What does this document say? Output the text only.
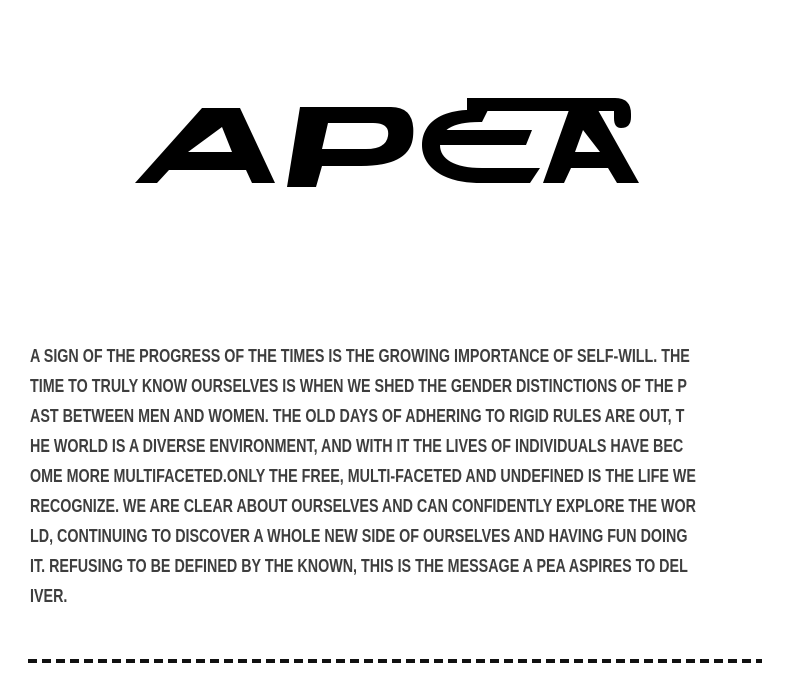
A SIGN OF THE PROGRESS OF THE TIMES IS THE GROWING IMPORTANCE OF SELF-WILL. THE
TIME TO TRULY KNOW OURSELVES IS WHEN WE SHED THE GENDER DISTINCTIONS OF THE P
AST BETWEEN MEN AND WOMEN. THE OLD DAYS OF ADHERING TO RIGID RULES ARE OUT, T
HE WORLD IS A DIVERSE ENVIRONMENT, AND WITH IT THE LIVES OF INDIVIDUALS HAVE BEC
OME MORE MULTIFACETED.ONLY THE FREE, MULTI-FACETED AND UNDEFINED IS THE LIFE WE
RECOGNIZE. WE ARE CLEAR ABOUT OURSELVES AND CAN CONFIDENTLY EXPLORE THE WOR
LD, CONTINUING TO DISCOVER A WHOLE NEW SIDE OF OURSELVES AND HAVING FUN DOING
IT. REFUSING TO BE DEFINED BY THE KNOWN, THIS IS THE MESSAGE A PEA ASPIRES TO DEL
IVER.
